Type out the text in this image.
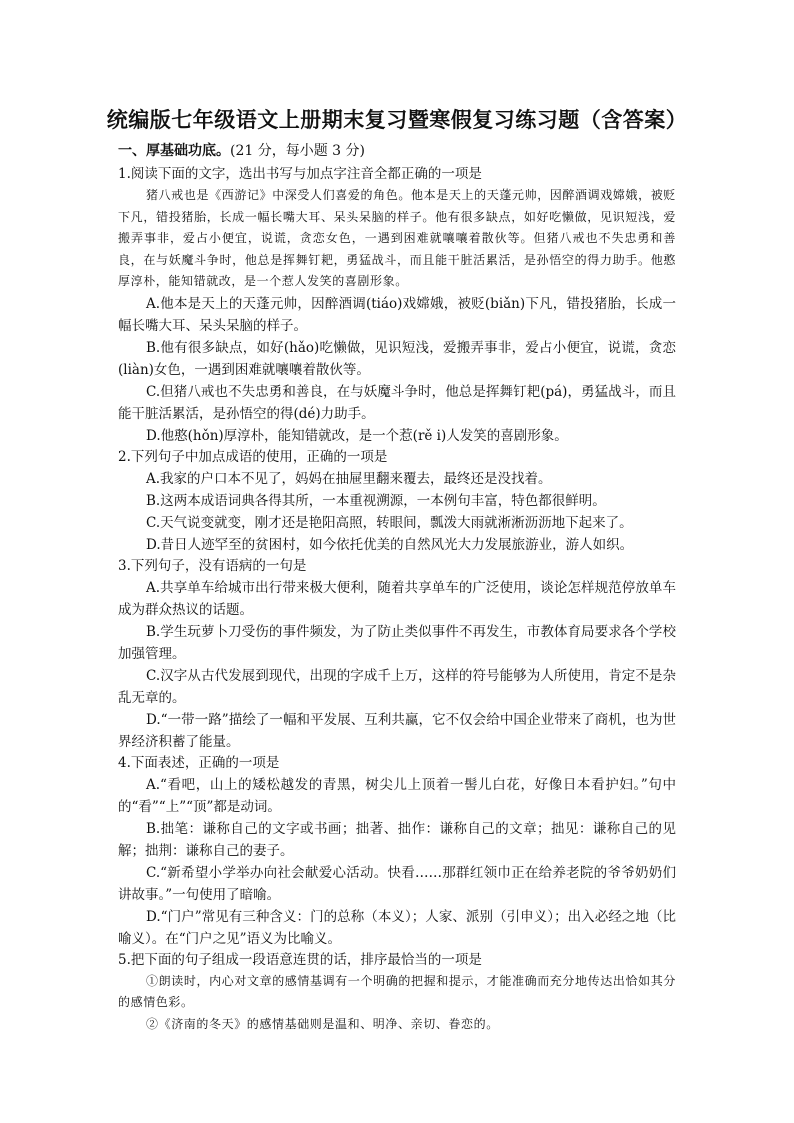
统编版七年级语文上册期末复习暨寒假复习练习题（含答案）
一、厚基础功底。(21 分，每小题 3 分)

1.阅读下面的文字，选出书写与加点字注音全都正确的一项是

猪八戒也是《西游记》中深受人们喜爱的角色。他本是天上的天蓬元帅，因醉酒调戏嫦娥，被贬下凡，错投猪胎，长成一幅长嘴大耳、呆头呆脑的样子。他有很多缺点，如好吃懒做，见识短浅，爱搬弄事非，爱占小便宜，说谎，贪恋女色，一遇到困难就嚷嚷着散伙等。但猪八戒也不失忠勇和善良，在与妖魔斗争时，他总是挥舞钉耙，勇猛战斗，而且能干脏活累活，是孙悟空的得力助手。他憨厚淳朴，能知错就改，是一个惹人发笑的喜剧形象。

A.他本是天上的天蓬元帅，因醉酒调(tiáo)戏嫦娥，被贬(biǎn)下凡，错投猪胎，长成一幅长嘴大耳、呆头呆脑的样子。

B.他有很多缺点，如好(hǎo)吃懒做，见识短浅，爱搬弄事非，爱占小便宜，说谎，贪恋(liàn)女色，一遇到困难就嚷嚷着散伙等。

C.但猪八戒也不失忠勇和善良，在与妖魔斗争时，他总是挥舞钉耙(pá)，勇猛战斗，而且能干脏活累活，是孙悟空的得(dé)力助手。

D.他憨(hǒn)厚淳朴，能知错就改，是一个惹(rě i)人发笑的喜剧形象。

2.下列句子中加点成语的使用，正确的一项是

A.我家的户口本不见了，妈妈在抽屉里翻来覆去，最终还是没找着。

B.这两本成语词典各得其所，一本重视溯源，一本例句丰富，特色都很鲜明。

C.天气说变就变，刚才还是艳阳高照，转眼间，瓢泼大雨就淅淅沥沥地下起来了。

D.昔日人迹罕至的贫困村，如今依托优美的自然风光大力发展旅游业，游人如织。

3.下列句子，没有语病的一句是

A.共享单车给城市出行带来极大便利，随着共享单车的广泛使用，谈论怎样规范停放单车成为群众热议的话题。

B.学生玩萝卜刀受伤的事件频发，为了防止类似事件不再发生，市教体育局要求各个学校加强管理。

C.汉字从古代发展到现代，出现的字成千上万，这样的符号能够为人所使用，肯定不是杂乱无章的。

D.“一带一路”描绘了一幅和平发展、互利共赢，它不仅会给中国企业带来了商机，也为世界经济积蓄了能量。

4.下面表述，正确的一项是

A.“看吧，山上的矮松越发的青黑，树尖儿上顶着一髻儿白花，好像日本看护妇。”句中的“看”“上”“顶”都是动词。

B.拙笔：谦称自己的文字或书画；拙著、拙作：谦称自己的文章；拙见：谦称自己的见解；拙荆：谦称自己的妻子。

C.“新希望小学举办向社会献爱心活动。快看……那群红领巾正在给养老院的爷爷奶奶们讲故事。”一句使用了暗喻。

D.“门户”常见有三种含义：门的总称（本义）；人家、派别（引申义）；出入必经之地（比喻义）。在“门户之见”语义为比喻义。

5.把下面的句子组成一段语意连贯的话，排序最恰当的一项是

①朗读时，内心对文章的感情基调有一个明确的把握和提示，才能准确而充分地传达出恰如其分的感情色彩。

②《济南的冬天》的感情基础则是温和、明净、亲切、眷恋的。
